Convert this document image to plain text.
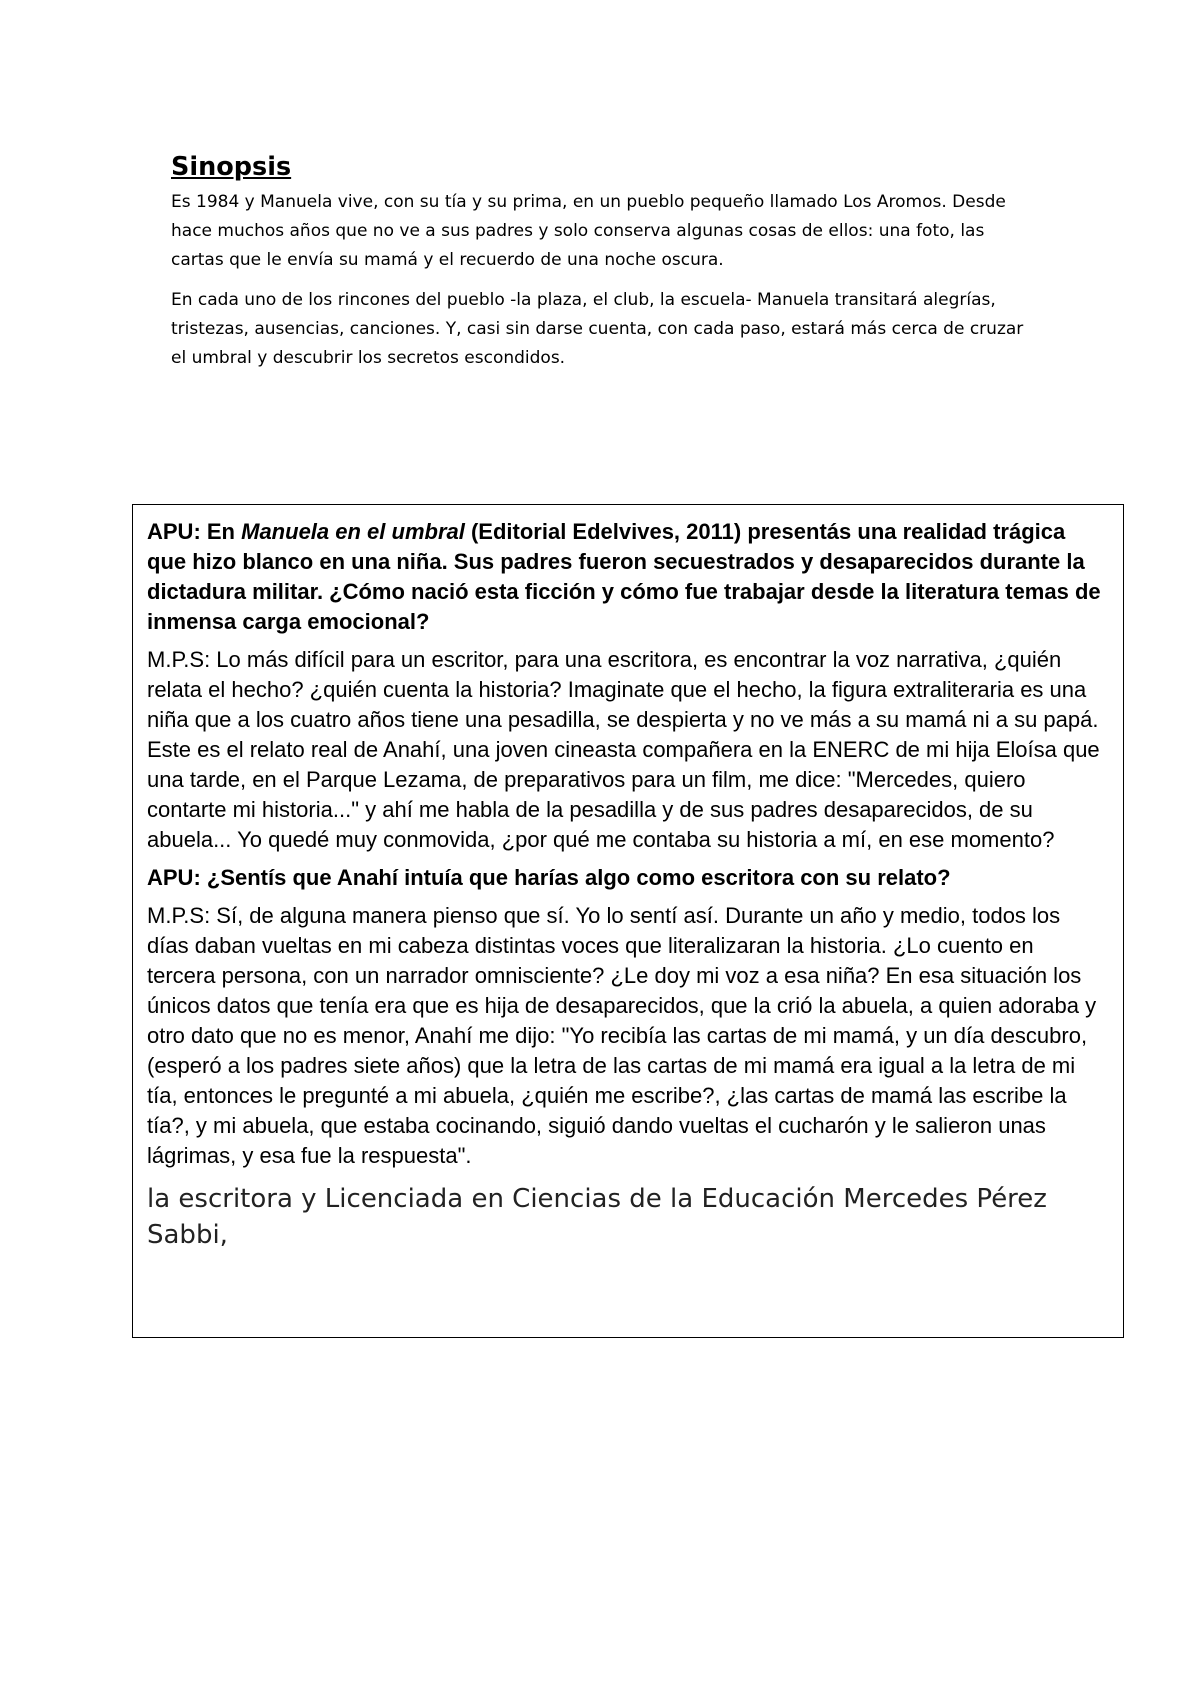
Sinopsis

Es 1984 y Manuela vive, con su tía y su prima, en un pueblo pequeño llamado Los Aromos. Desde hace muchos años que no ve a sus padres y solo conserva algunas cosas de ellos: una foto, las cartas que le envía su mamá y el recuerdo de una noche oscura.

En cada uno de los rincones del pueblo -la plaza, el club, la escuela- Manuela transitará alegrías, tristezas, ausencias, canciones. Y, casi sin darse cuenta, con cada paso, estará más cerca de cruzar el umbral y descubrir los secretos escondidos.

APU: En Manuela en el umbral (Editorial Edelvives, 2011) presentás una realidad trágica que hizo blanco en una niña. Sus padres fueron secuestrados y desaparecidos durante la dictadura militar. ¿Cómo nació esta ficción y cómo fue trabajar desde la literatura temas de inmensa carga emocional?

M.P.S: Lo más difícil para un escritor, para una escritora, es encontrar la voz narrativa, ¿quién relata el hecho? ¿quién cuenta la historia? Imaginate que el hecho, la figura extraliteraria es una niña que a los cuatro años tiene una pesadilla, se despierta y no ve más a su mamá ni a su papá. Este es el relato real de Anahí, una joven cineasta compañera en la ENERC de mi hija Eloísa que una tarde, en el Parque Lezama, de preparativos para un film, me dice: "Mercedes, quiero contarte mi historia..." y ahí me habla de la pesadilla y de sus padres desaparecidos, de su abuela... Yo quedé muy conmovida, ¿por qué me contaba su historia a mí, en ese momento?

APU: ¿Sentís que Anahí intuía que harías algo como escritora con su relato?

M.P.S: Sí, de alguna manera pienso que sí. Yo lo sentí así. Durante un año y medio, todos los días daban vueltas en mi cabeza distintas voces que literalizaran la historia. ¿Lo cuento en tercera persona, con un narrador omnisciente? ¿Le doy mi voz a esa niña? En esa situación los únicos datos que tenía era que es hija de desaparecidos, que la crió la abuela, a quien adoraba y otro dato que no es menor, Anahí me dijo: "Yo recibía las cartas de mi mamá, y un día descubro, (esperó a los padres siete años) que la letra de las cartas de mi mamá era igual a la letra de mi tía, entonces le pregunté a mi abuela, ¿quién me escribe?, ¿las cartas de mamá las escribe la tía?, y mi abuela, que estaba cocinando, siguió dando vueltas el cucharón y le salieron unas lágrimas, y esa fue la respuesta".

la escritora y Licenciada en Ciencias de la Educación Mercedes Pérez Sabbi,
